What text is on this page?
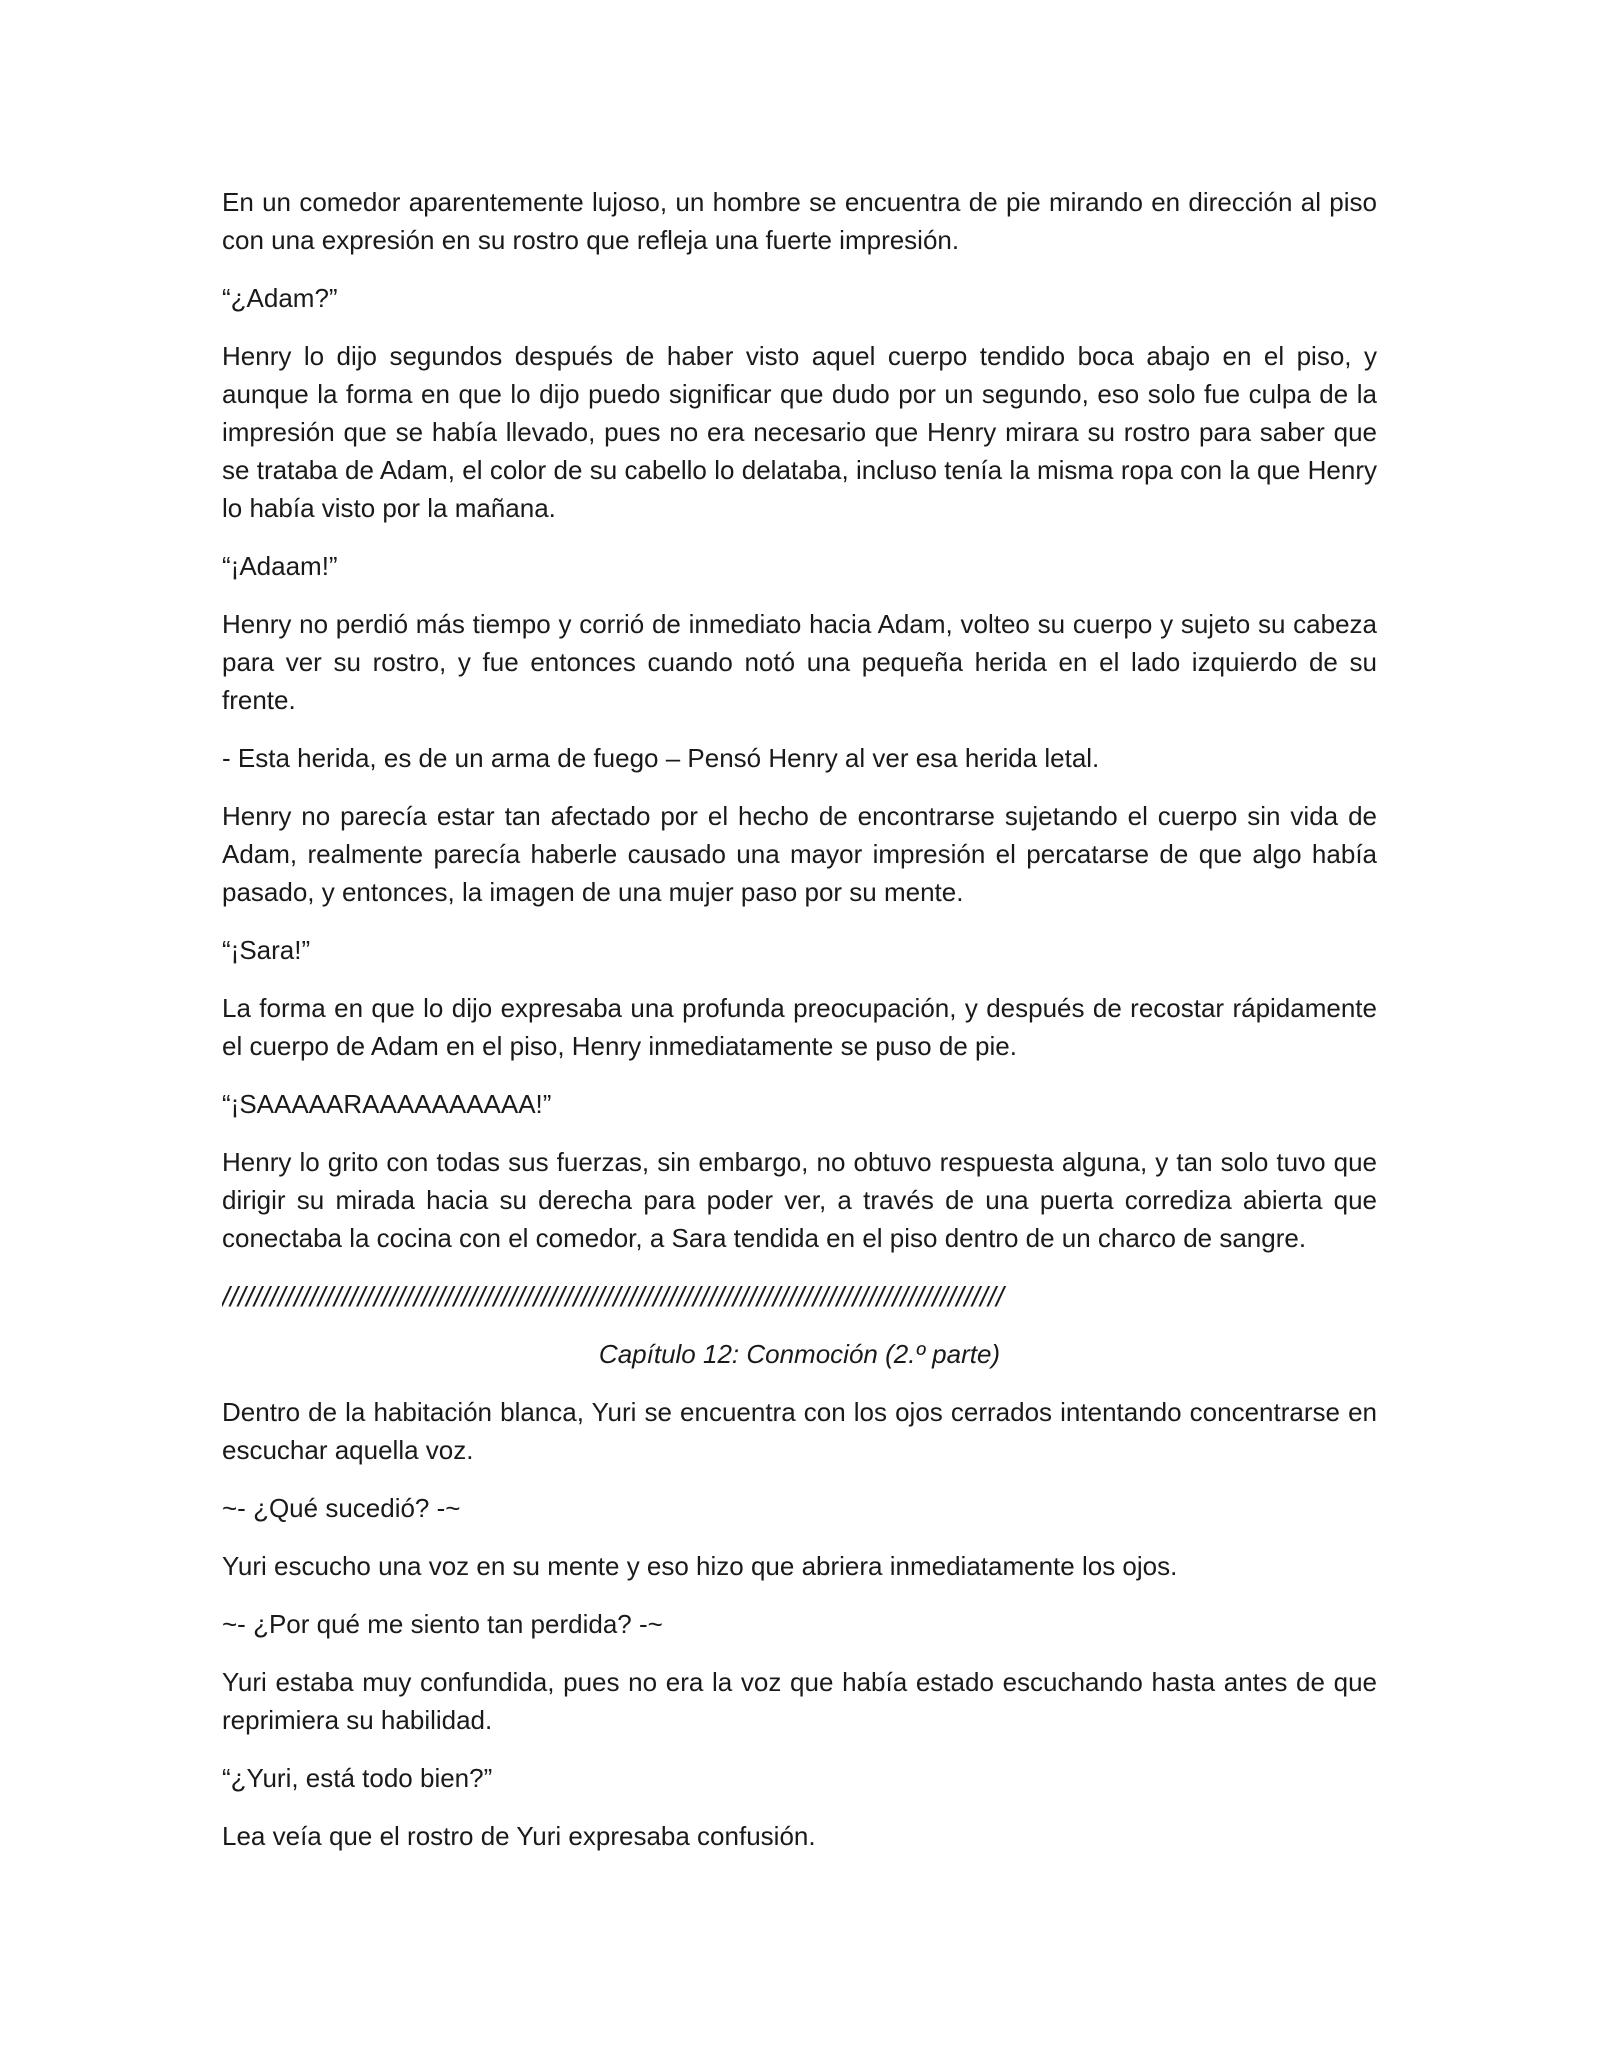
En un comedor aparentemente lujoso, un hombre se encuentra de pie mirando en dirección al piso con una expresión en su rostro que refleja una fuerte impresión.

“¿Adam?”

Henry lo dijo segundos después de haber visto aquel cuerpo tendido boca abajo en el piso, y aunque la forma en que lo dijo puedo significar que dudo por un segundo, eso solo fue culpa de la impresión que se había llevado, pues no era necesario que Henry mirara su rostro para saber que se trataba de Adam, el color de su cabello lo delataba, incluso tenía la misma ropa con la que Henry lo había visto por la mañana.

“¡Adaam!”

Henry no perdió más tiempo y corrió de inmediato hacia Adam, volteo su cuerpo y sujeto su cabeza para ver su rostro, y fue entonces cuando notó una pequeña herida en el lado izquierdo de su frente.

- Esta herida, es de un arma de fuego – Pensó Henry al ver esa herida letal.

Henry no parecía estar tan afectado por el hecho de encontrarse sujetando el cuerpo sin vida de Adam, realmente parecía haberle causado una mayor impresión el percatarse de que algo había pasado, y entonces, la imagen de una mujer paso por su mente.

“¡Sara!”

La forma en que lo dijo expresaba una profunda preocupación, y después de recostar rápidamente el cuerpo de Adam en el piso, Henry inmediatamente se puso de pie.

“¡SAAAAARAAAAAAAAAA!”

Henry lo grito con todas sus fuerzas, sin embargo, no obtuvo respuesta alguna, y tan solo tuvo que dirigir su mirada hacia su derecha para poder ver, a través de una puerta corrediza abierta que conectaba la cocina con el comedor, a Sara tendida en el piso dentro de un charco de sangre.

//////////////////////////////////////////////////////////////////////////////////////////////////

Capítulo 12: Conmoción (2.º parte)

Dentro de la habitación blanca, Yuri se encuentra con los ojos cerrados intentando concentrarse en escuchar aquella voz.

~- ¿Qué sucedió? -~

Yuri escucho una voz en su mente y eso hizo que abriera inmediatamente los ojos.

~- ¿Por qué me siento tan perdida? -~

Yuri estaba muy confundida, pues no era la voz que había estado escuchando hasta antes de que reprimiera su habilidad.

“¿Yuri, está todo bien?”

Lea veía que el rostro de Yuri expresaba confusión.
